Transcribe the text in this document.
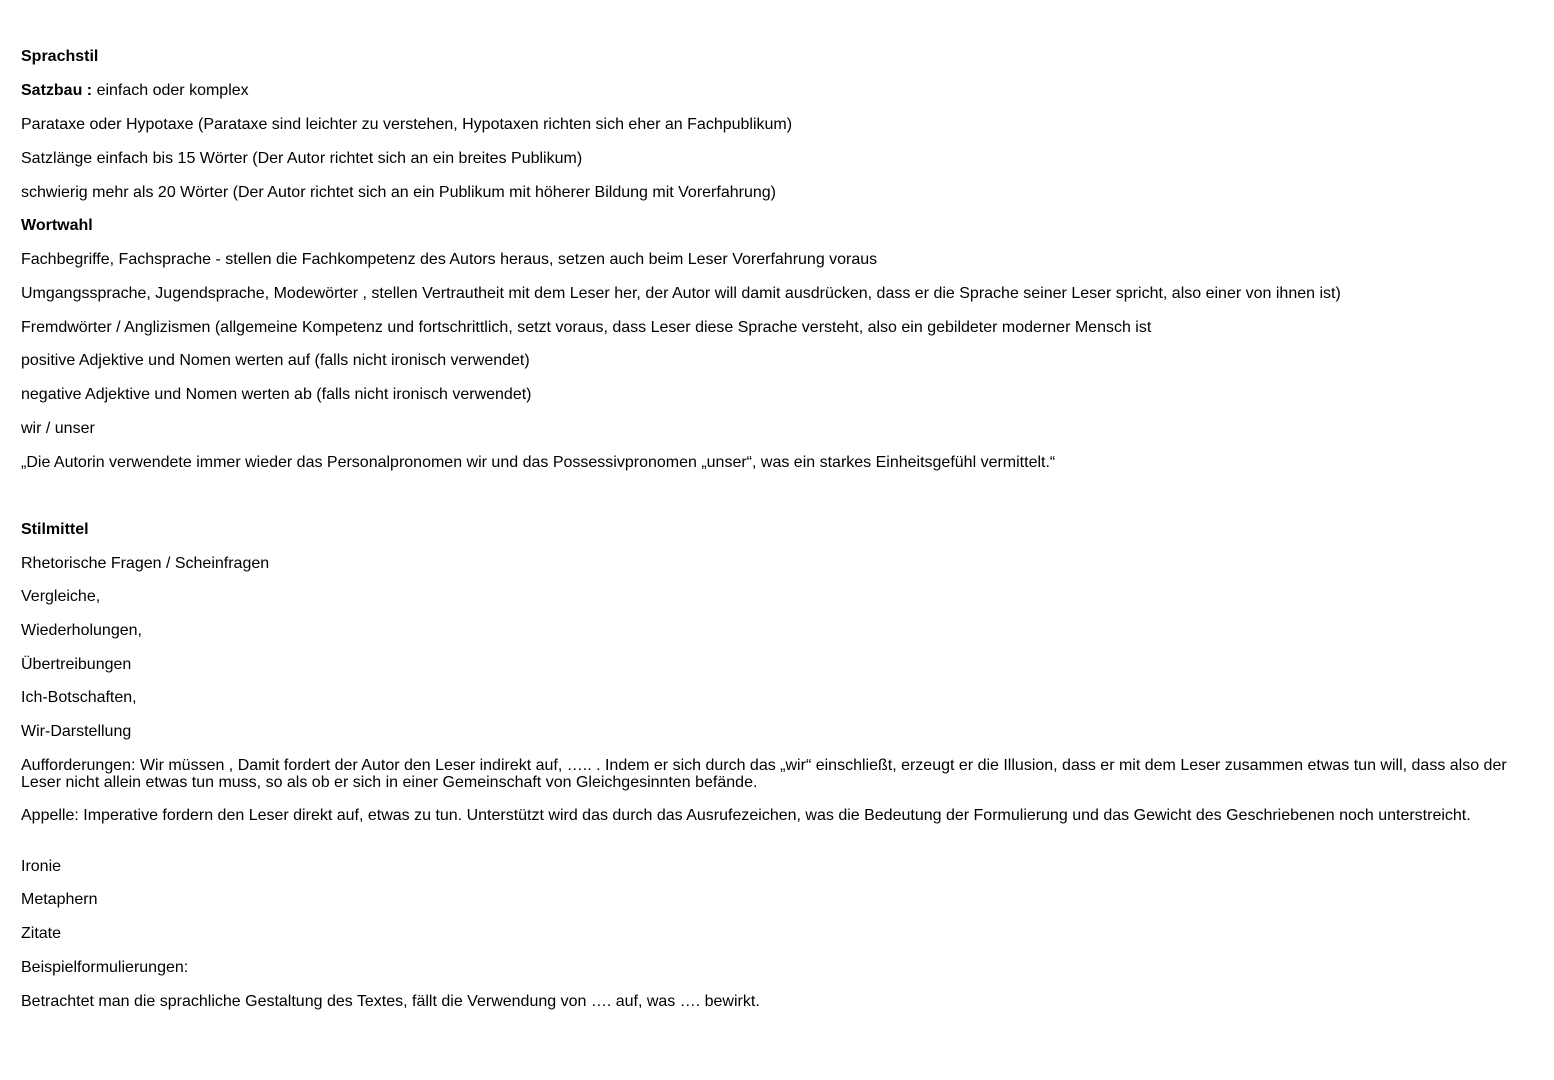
Sprachstil
Satzbau : einfach oder komplex
Parataxe oder Hypotaxe (Parataxe sind leichter zu verstehen, Hypotaxen richten sich eher an Fachpublikum)
Satzlänge einfach bis 15 Wörter (Der Autor richtet sich an ein breites Publikum)
schwierig mehr als 20 Wörter (Der Autor richtet sich an ein Publikum mit höherer Bildung mit Vorerfahrung)
Wortwahl
Fachbegriffe, Fachsprache - stellen die Fachkompetenz des Autors heraus, setzen auch beim Leser Vorerfahrung voraus
Umgangssprache, Jugendsprache, Modewörter , stellen Vertrautheit mit dem Leser her, der Autor will damit ausdrücken, dass er die Sprache seiner Leser spricht, also einer von ihnen ist)
Fremdwörter / Anglizismen (allgemeine Kompetenz und fortschrittlich, setzt voraus, dass Leser diese Sprache versteht, also ein gebildeter moderner Mensch ist
positive Adjektive und Nomen werten auf (falls nicht ironisch verwendet)
negative Adjektive und Nomen werten ab (falls nicht ironisch verwendet)
wir / unser
„Die Autorin verwendete immer wieder das Personalpronomen wir und das Possessivpronomen „unser“, was ein starkes Einheitsgefühl vermittelt.“
Stilmittel
Rhetorische Fragen / Scheinfragen
Vergleiche,
Wiederholungen,
Übertreibungen
Ich-Botschaften,
Wir-Darstellung
Aufforderungen: Wir müssen , Damit fordert der Autor den Leser indirekt auf, ….. . Indem er sich durch das „wir“ einschließt, erzeugt er die Illusion, dass er mit dem Leser zusammen etwas tun will, dass also der Leser nicht allein etwas tun muss, so als ob er sich in einer Gemeinschaft von Gleichgesinnten befände.
Appelle: Imperative fordern den Leser direkt auf, etwas zu tun. Unterstützt wird das durch das Ausrufezeichen, was die Bedeutung der Formulierung und das Gewicht des Geschriebenen noch unterstreicht.
Ironie
Metaphern
Zitate
Beispielformulierungen:
Betrachtet man die sprachliche Gestaltung des Textes, fällt die Verwendung von …. auf, was …. bewirkt.
